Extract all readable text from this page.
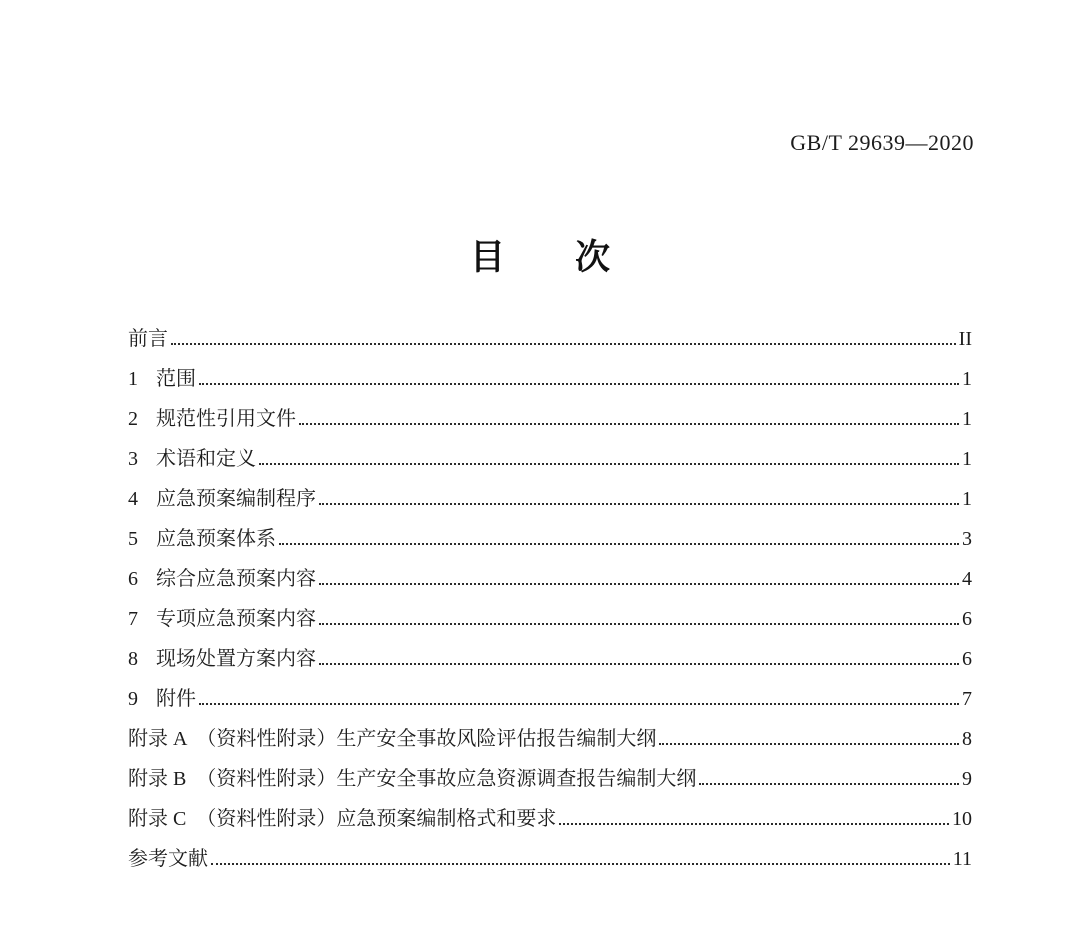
GB/T 29639—2020
目　　次
前言	II
1 范围	1
2 规范性引用文件	1
3 术语和定义	1
4 应急预案编制程序	1
5 应急预案体系	3
6 综合应急预案内容	4
7 专项应急预案内容	6
8 现场处置方案内容	6
9 附件	7
附录 A　（资料性附录）生产安全事故风险评估报告编制大纲	8
附录 B　（资料性附录）生产安全事故应急资源调查报告编制大纲	9
附录 C　（资料性附录）应急预案编制格式和要求	10
参考文献	11
